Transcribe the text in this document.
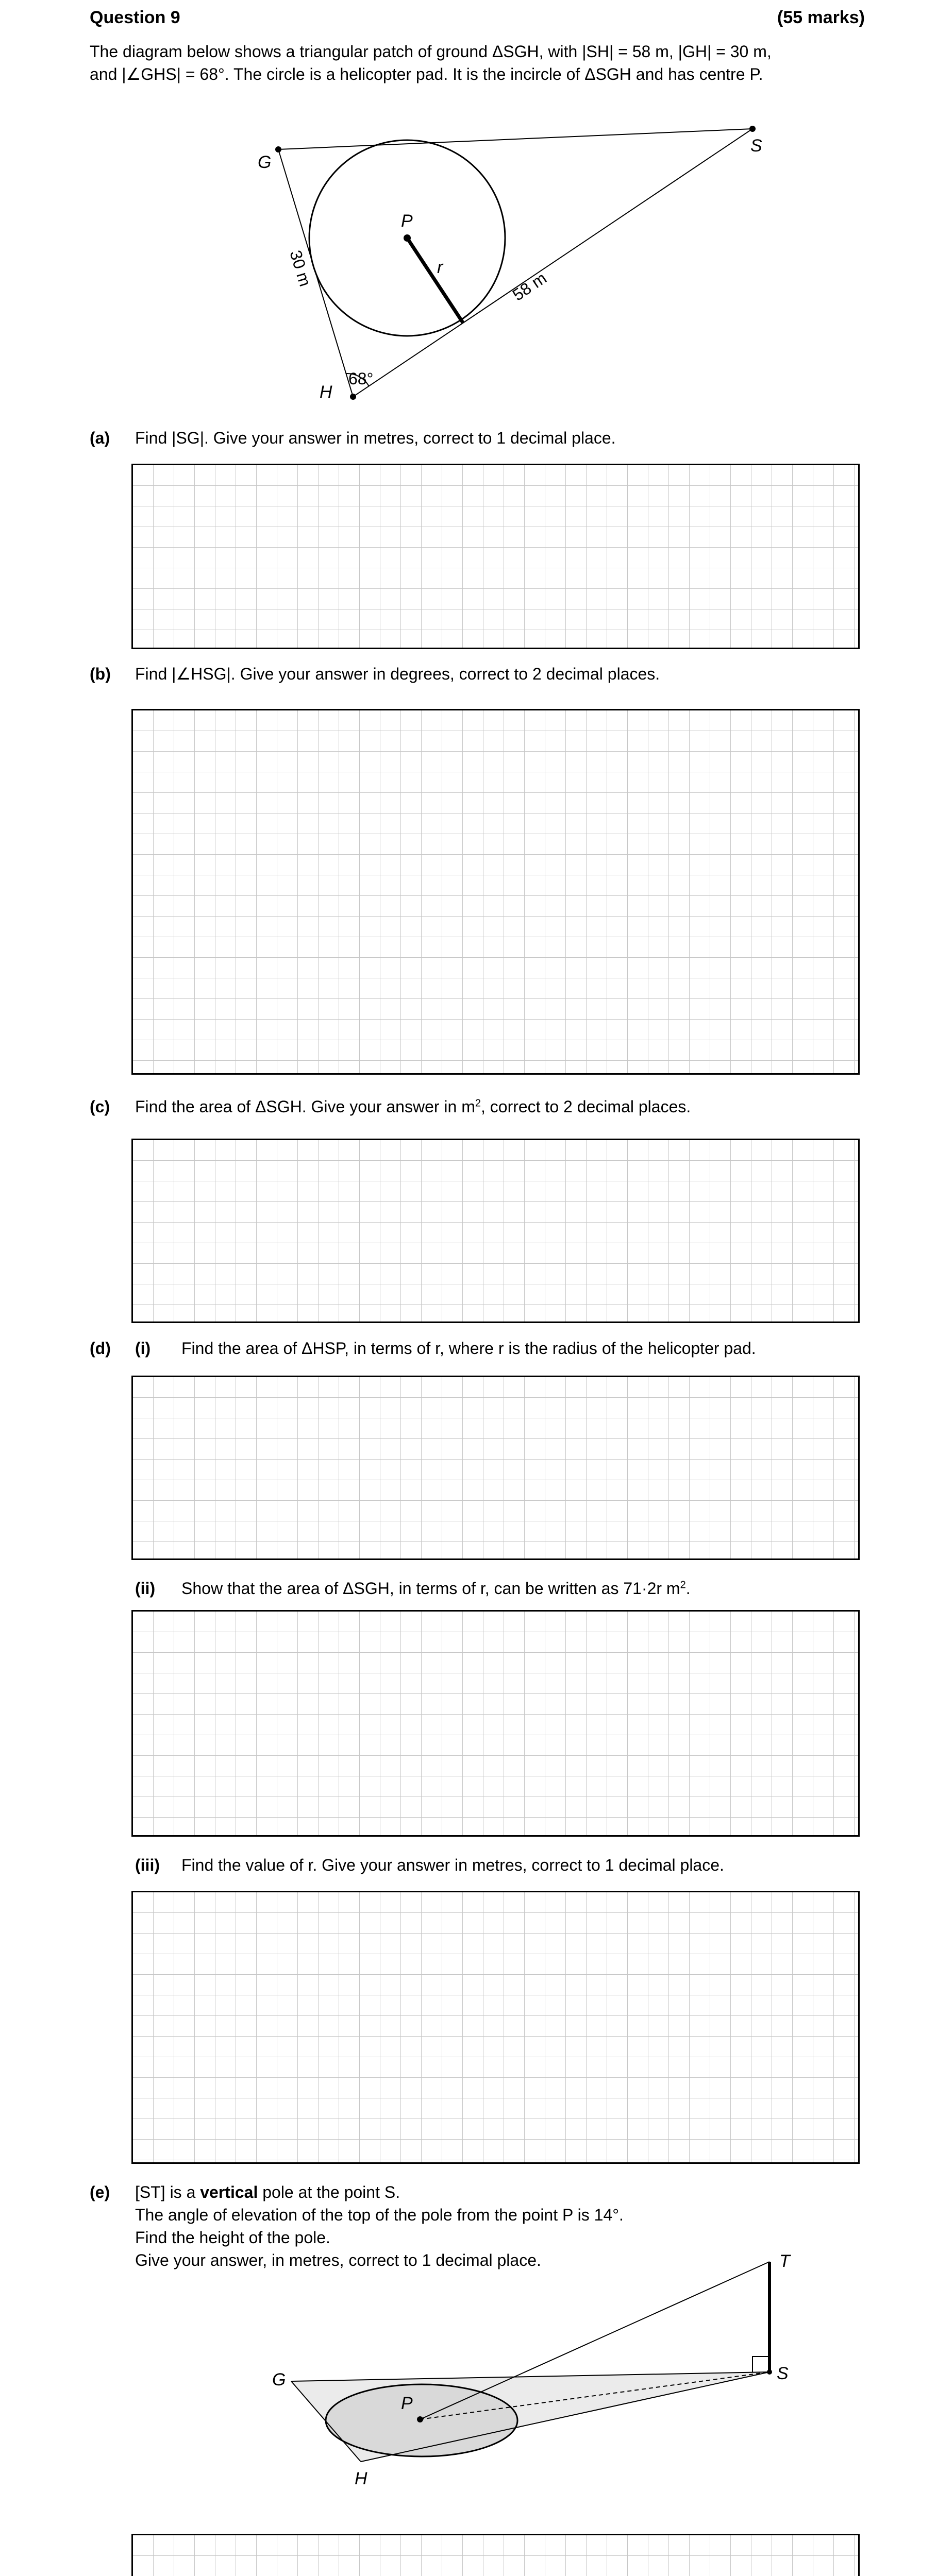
Question 9	(55 marks)
The diagram below shows a triangular patch of ground ΔSGH, with |SH| = 58 m, |GH| = 30 m,
and |∠GHS| = 68°. The circle is a helicopter pad. It is the incircle of ΔSGH and has centre P.
G
S
H
P
r
30 m	58 m
68°
(a) Find |SG|. Give your answer in metres, correct to 1 decimal place.
(b) Find |∠HSG|. Give your answer in degrees, correct to 2 decimal places.
(c) Find the area of ΔSGH. Give your answer in $m^2$, correct to 2 decimal places.
(d) (i) Find the area of ΔHSP, in terms of r, where r is the radius of the helicopter pad.
(ii) Show that the area of ΔSGH, in terms of r, can be written as 71·2r $m^2$.
(iii) Find the value of r. Give your answer in metres, correct to 1 decimal place.
(e) [ST] is a vertical pole at the point S.
The angle of elevation of the top of the pole from the point P is 14°.
Find the height of the pole.
Give your answer, in metres, correct to 1 decimal place.	T
S
G
P
H
